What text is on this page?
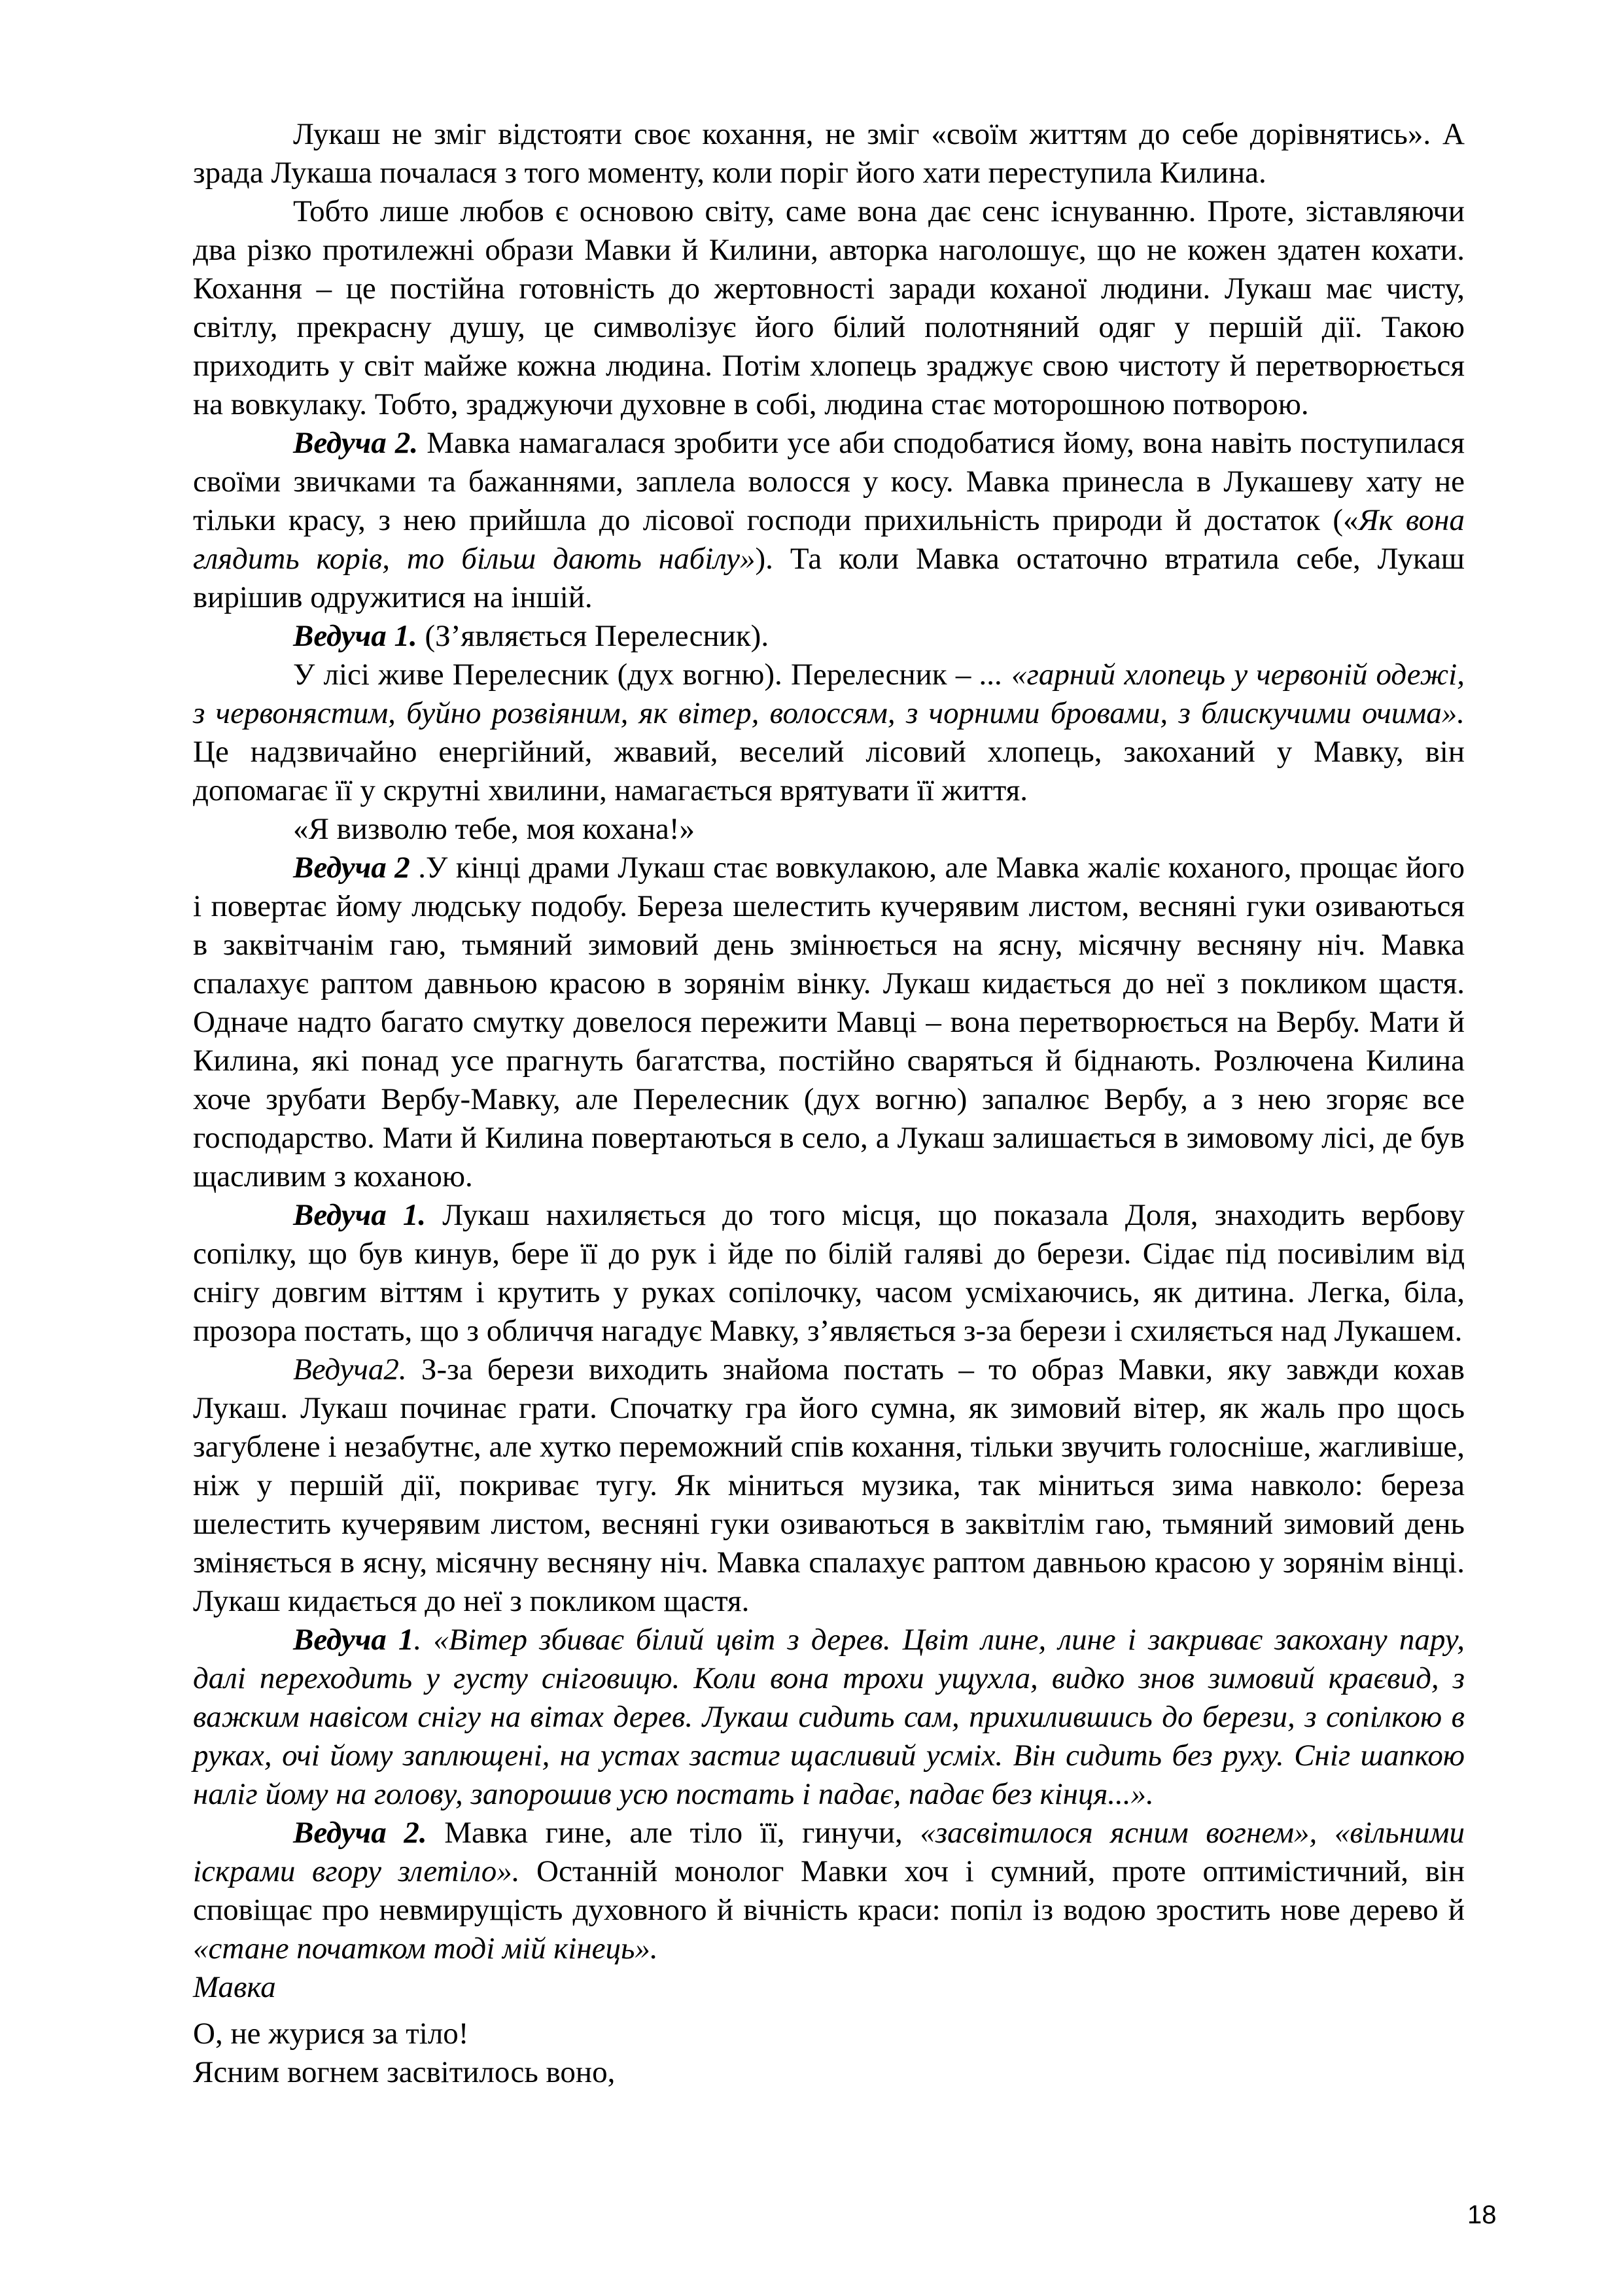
Лукаш не зміг відстояти своє кохання, не зміг «своїм життям до себе дорівнятись». А зрада Лукаша почалася з того моменту, коли поріг його хати переступила Килина.

Тобто лише любов є основою світу, саме вона дає сенс існуванню. Проте, зіставляючи два різко протилежні образи Мавки й Килини, авторка наголошує, що не кожен здатен кохати. Кохання – це постійна готовність до жертовності заради коханої людини. Лукаш має чисту, світлу, прекрасну душу, це символізує його білий полотняний одяг у першій дії. Такою приходить у світ майже кожна людина. Потім хлопець зраджує свою чистоту й перетворюється на вовкулаку. Тобто, зраджуючи духовне в собі, людина стає моторошною потворою.

Ведуча 2. Мавка намагалася зробити усе аби сподобатися йому, вона навіть поступилася своїми звичками та бажаннями, заплела волосся у косу. Мавка принесла в Лукашеву хату не тільки красу, з нею прийшла до лісової господи прихильність природи й достаток («Як вона глядить корів, то більш дають набілу»). Та коли Мавка остаточно втратила себе, Лукаш вирішив одружитися на іншій.

Ведуча 1. (З’являється Перелесник).

У лісі живе Перелесник (дух вогню). Перелесник – ... «гарний хлопець у червоній одежі, з червонястим, буйно розвіяним, як вітер, волоссям, з чорними бровами, з блискучими очима». Це надзвичайно енергійний, жвавий, веселий лісовий хлопець, закоханий у Мавку, він допомагає її у скрутні хвилини, намагається врятувати її життя.

«Я визволю тебе, моя кохана!»

Ведуча 2 .У кінці драми Лукаш стає вовкулакою, але Мавка жаліє коханого, прощає його і повертає йому людську подобу. Береза шелестить кучерявим листом, весняні гуки озиваються в заквітчанім гаю, тьмяний зимовий день змінюється на ясну, місячну весняну ніч. Мавка спалахує раптом давньою красою в зорянім вінку. Лукаш кидається до неї з покликом щастя. Одначе надто багато смутку довелося пережити Мавці – вона перетворюється на Вербу. Мати й Килина, які понад усе прагнуть багатства, постійно сваряться й біднають. Розлючена Килина хоче зрубати Вербу-Мавку, але Перелесник (дух вогню) запалює Вербу, а з нею згоряє все господарство. Мати й Килина повертаються в село, а Лукаш залишається в зимовому лісі, де був щасливим з коханою.

Ведуча 1. Лукаш нахиляється до того місця, що показала Доля, знаходить вербову сопілку, що був кинув, бере її до рук і йде по білій галяві до берези. Сідає під посивілим від снігу довгим віттям і крутить у руках сопілочку, часом усміхаючись, як дитина. Легка, біла, прозора постать, що з обличчя нагадує Мавку, з’являється з-за берези і схиляється над Лукашем.

Ведуча2. З-за берези виходить знайома постать – то образ Мавки, яку завжди кохав Лукаш. Лукаш починає грати. Спочатку гра його сумна, як зимовий вітер, як жаль про щось загублене і незабутнє, але хутко переможний спів кохання, тільки звучить голосніше, жагливіше, ніж у першій дії, покриває тугу. Як міниться музика, так міниться зима навколо: береза шелестить кучерявим листом, весняні гуки озиваються в заквітлім гаю, тьмяний зимовий день зміняється в ясну, місячну весняну ніч. Мавка спалахує раптом давньою красою у зорянім вінці. Лукаш кидається до неї з покликом щастя.

Ведуча 1. «Вітер збиває білий цвіт з дерев. Цвіт лине, лине і закриває закохану пару, далі переходить у густу сніговицю. Коли вона трохи ущухла, видко знов зимовий краєвид, з важким навісом снігу на вітах дерев. Лукаш сидить сам, прихилившись до берези, з сопілкою в руках, очі йому заплющені, на устах застиг щасливий усміх. Він сидить без руху. Сніг шапкою наліг йому на голову, запорошив усю постать і падає, падає без кінця...».

Ведуча 2. Мавка гине, але тіло її, гинучи, «засвітилося ясним вогнем», «вільними іскрами вгору злетіло». Останній монолог Мавки хоч і сумний, проте оптимістичний, він сповіщає про невмирущість духовного й вічність краси: попіл із водою зростить нове дерево й «стане початком тоді мій кінець».

Мавка

О, не журися за тіло!

Ясним вогнем засвітилось воно,

18
